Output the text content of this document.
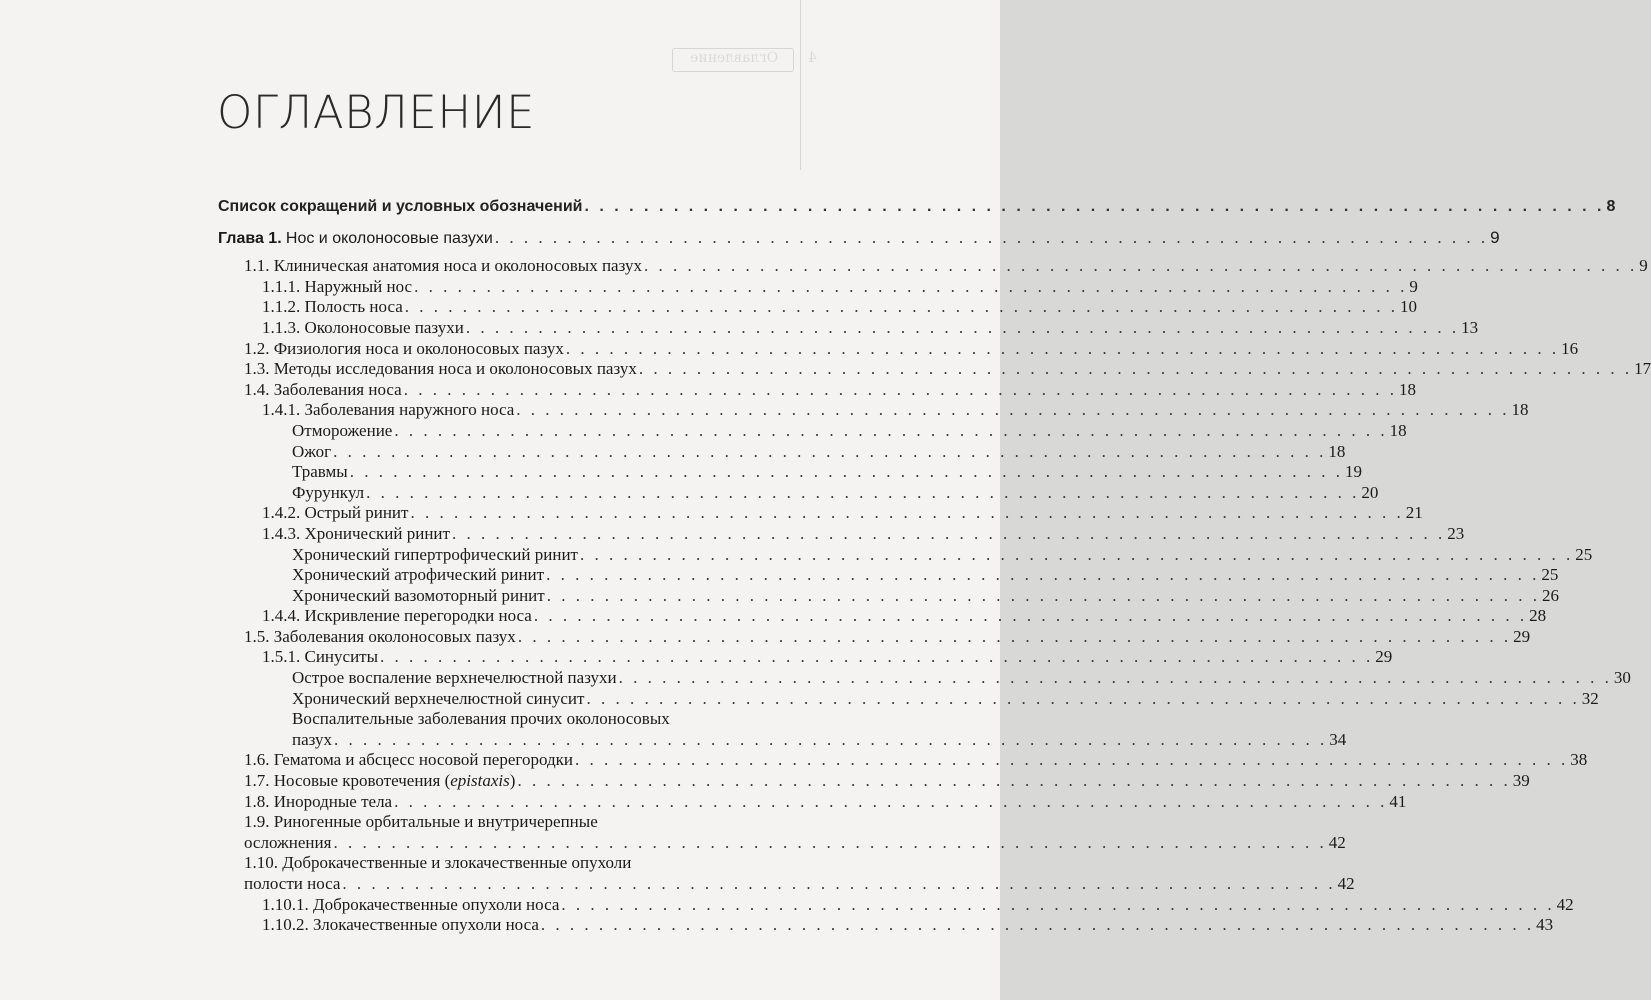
Оглавление 4
ОГЛАВЛЕНИЕ
Список сокращений и условных обозначений . . . . . . . . . . . . . . . . . . . . . . . . . . . . . . . . . . . . . . . . . . . . . . . . . . . . . . . . . . . . . . . . . . . . . 8
Глава 1. Нос и околоносовые пазухи . . . . . . . . . . . . . . . . . . . . . . . . . . . . . . . . . . . . . . . . . . . . . . . . . . . . . . . . . . . . . . . . . . . . . 9
1.1. Клиническая анатомия носа и околоносовых пазух . . . . . . . . . . . . . . . . . . . . . . . . . . . . . . . . . . . . . . . . . . . . . . . . . . . . . . . . . . . . . . . . . . . . . 9
1.1.1. Наружный нос . . . . . . . . . . . . . . . . . . . . . . . . . . . . . . . . . . . . . . . . . . . . . . . . . . . . . . . . . . . . . . . . . . . . . 9
1.1.2. Полость носа . . . . . . . . . . . . . . . . . . . . . . . . . . . . . . . . . . . . . . . . . . . . . . . . . . . . . . . . . . . . . . . . . . . . . 10
1.1.3. Околоносовые пазухи . . . . . . . . . . . . . . . . . . . . . . . . . . . . . . . . . . . . . . . . . . . . . . . . . . . . . . . . . . . . . . . . . . . . . 13
1.2. Физиология носа и околоносовых пазух . . . . . . . . . . . . . . . . . . . . . . . . . . . . . . . . . . . . . . . . . . . . . . . . . . . . . . . . . . . . . . . . . . . . . 16
1.3. Методы исследования носа и околоносовых пазух . . . . . . . . . . . . . . . . . . . . . . . . . . . . . . . . . . . . . . . . . . . . . . . . . . . . . . . . . . . . . . . . . . . . . 17
1.4. Заболевания носа . . . . . . . . . . . . . . . . . . . . . . . . . . . . . . . . . . . . . . . . . . . . . . . . . . . . . . . . . . . . . . . . . . . . . 18
1.4.1. Заболевания наружного носа . . . . . . . . . . . . . . . . . . . . . . . . . . . . . . . . . . . . . . . . . . . . . . . . . . . . . . . . . . . . . . . . . . . . . 18
Отморожение . . . . . . . . . . . . . . . . . . . . . . . . . . . . . . . . . . . . . . . . . . . . . . . . . . . . . . . . . . . . . . . . . . . . . 18
Ожог . . . . . . . . . . . . . . . . . . . . . . . . . . . . . . . . . . . . . . . . . . . . . . . . . . . . . . . . . . . . . . . . . . . . . 18
Травмы . . . . . . . . . . . . . . . . . . . . . . . . . . . . . . . . . . . . . . . . . . . . . . . . . . . . . . . . . . . . . . . . . . . . . 19
Фурункул . . . . . . . . . . . . . . . . . . . . . . . . . . . . . . . . . . . . . . . . . . . . . . . . . . . . . . . . . . . . . . . . . . . . . 20
1.4.2. Острый ринит . . . . . . . . . . . . . . . . . . . . . . . . . . . . . . . . . . . . . . . . . . . . . . . . . . . . . . . . . . . . . . . . . . . . . 21
1.4.3. Хронический ринит . . . . . . . . . . . . . . . . . . . . . . . . . . . . . . . . . . . . . . . . . . . . . . . . . . . . . . . . . . . . . . . . . . . . . 23
Хронический гипертрофический ринит . . . . . . . . . . . . . . . . . . . . . . . . . . . . . . . . . . . . . . . . . . . . . . . . . . . . . . . . . . . . . . . . . . . . . 25
Хронический атрофический ринит . . . . . . . . . . . . . . . . . . . . . . . . . . . . . . . . . . . . . . . . . . . . . . . . . . . . . . . . . . . . . . . . . . . . . 25
Хронический вазомоторный ринит . . . . . . . . . . . . . . . . . . . . . . . . . . . . . . . . . . . . . . . . . . . . . . . . . . . . . . . . . . . . . . . . . . . . . 26
1.4.4. Искривление перегородки носа . . . . . . . . . . . . . . . . . . . . . . . . . . . . . . . . . . . . . . . . . . . . . . . . . . . . . . . . . . . . . . . . . . . . . 28
1.5. Заболевания околоносовых пазух . . . . . . . . . . . . . . . . . . . . . . . . . . . . . . . . . . . . . . . . . . . . . . . . . . . . . . . . . . . . . . . . . . . . . 29
1.5.1. Синуситы . . . . . . . . . . . . . . . . . . . . . . . . . . . . . . . . . . . . . . . . . . . . . . . . . . . . . . . . . . . . . . . . . . . . . 29
Острое воспаление верхнечелюстной пазухи . . . . . . . . . . . . . . . . . . . . . . . . . . . . . . . . . . . . . . . . . . . . . . . . . . . . . . . . . . . . . . . . . . . . . 30
Хронический верхнечелюстной синусит . . . . . . . . . . . . . . . . . . . . . . . . . . . . . . . . . . . . . . . . . . . . . . . . . . . . . . . . . . . . . . . . . . . . . 32
Воспалительные заболевания прочих околоносовых
пазух . . . . . . . . . . . . . . . . . . . . . . . . . . . . . . . . . . . . . . . . . . . . . . . . . . . . . . . . . . . . . . . . . . . . . 34
1.6. Гематома и абсцесс носовой перегородки . . . . . . . . . . . . . . . . . . . . . . . . . . . . . . . . . . . . . . . . . . . . . . . . . . . . . . . . . . . . . . . . . . . . . 38
1.7. Носовые кровотечения (epistaxis) . . . . . . . . . . . . . . . . . . . . . . . . . . . . . . . . . . . . . . . . . . . . . . . . . . . . . . . . . . . . . . . . . . . . . 39
1.8. Инородные тела . . . . . . . . . . . . . . . . . . . . . . . . . . . . . . . . . . . . . . . . . . . . . . . . . . . . . . . . . . . . . . . . . . . . . 41
1.9. Риногенные орбитальные и внутричерепные
осложнения . . . . . . . . . . . . . . . . . . . . . . . . . . . . . . . . . . . . . . . . . . . . . . . . . . . . . . . . . . . . . . . . . . . . . 42
1.10. Доброкачественные и злокачественные опухоли
полости носа . . . . . . . . . . . . . . . . . . . . . . . . . . . . . . . . . . . . . . . . . . . . . . . . . . . . . . . . . . . . . . . . . . . . . 42
1.10.1. Доброкачественные опухоли носа . . . . . . . . . . . . . . . . . . . . . . . . . . . . . . . . . . . . . . . . . . . . . . . . . . . . . . . . . . . . . . . . . . . . . 42
1.10.2. Злокачественные опухоли носа . . . . . . . . . . . . . . . . . . . . . . . . . . . . . . . . . . . . . . . . . . . . . . . . . . . . . . . . . . . . . . . . . . . . . 43
